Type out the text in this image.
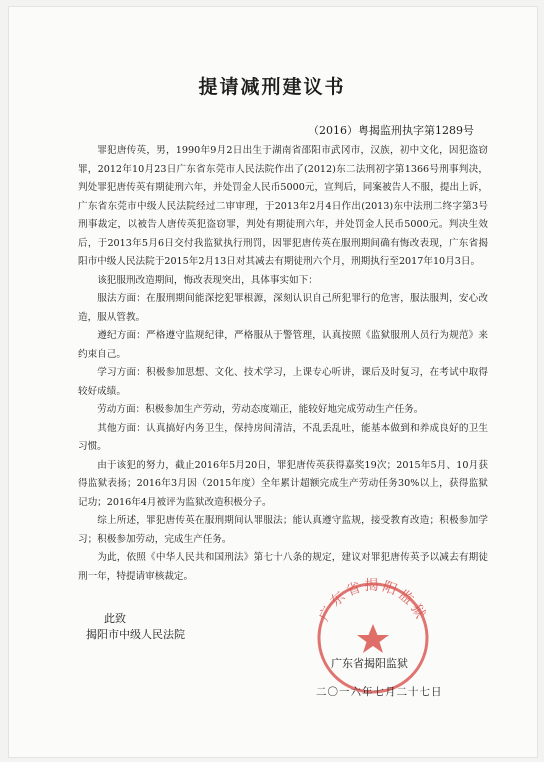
提请减刑建议书
（2016）粤揭监刑执字第1289号

罪犯唐传英，男，1990年9月2日出生于湖南省邵阳市武冈市，汉族，初中文化，因犯盗窃罪，2012年10月23日广东省东莞市人民法院作出了(2012)东二法刑初字第1366号刑事判决，判处罪犯唐传英有期徒刑六年，并处罚金人民币5000元，宣判后，同案被告人不服，提出上诉，广东省东莞市中级人民法院经过二审审理，于2013年2月4日作出(2013)东中法刑二终字第3号刑事裁定，以被告人唐传英犯盗窃罪，判处有期徒刑六年，并处罚金人民币5000元。判决生效后，于2013年5月6日交付我监狱执行刑罚，因罪犯唐传英在服刑期间确有悔改表现，广东省揭阳市中级人民法院于2015年2月13日对其减去有期徒刑六个月，刑期执行至2017年10月3日。

该犯服刑改造期间，悔改表现突出，具体事实如下：

服法方面：在服刑期间能深挖犯罪根源，深刻认识自己所犯罪行的危害，服法服判，安心改造，服从管教。

遵纪方面：严格遵守监规纪律，严格服从于警管理，认真按照《监狱服刑人员行为规范》来约束自己。

学习方面：积极参加思想、文化、技术学习，上课专心听讲，课后及时复习，在考试中取得较好成绩。

劳动方面：积极参加生产劳动，劳动态度端正，能较好地完成劳动生产任务。

其他方面：认真搞好内务卫生，保持房间清洁，不乱丢乱吐，能基本做到和养成良好的卫生习惯。

由于该犯的努力，截止2016年5月20日，罪犯唐传英获得嘉奖19次；2015年5月、10月获得监狱表扬；2016年3月因（2015年度）全年累计超额完成生产劳动任务30%以上，获得监狱记功；2016年4月被评为监狱改造积极分子。

综上所述，罪犯唐传英在服刑期间认罪服法；能认真遵守监规，接受教育改造；积极参加学习；积极参加劳动，完成生产任务。

为此，依照《中华人民共和国刑法》第七十八条的规定，建议对罪犯唐传英予以减去有期徒刑一年，特提请审核裁定。

此致
揭阳市中级人民法院
广东省揭阳监狱
广东省揭阳监狱
二〇一六年七月二十七日
